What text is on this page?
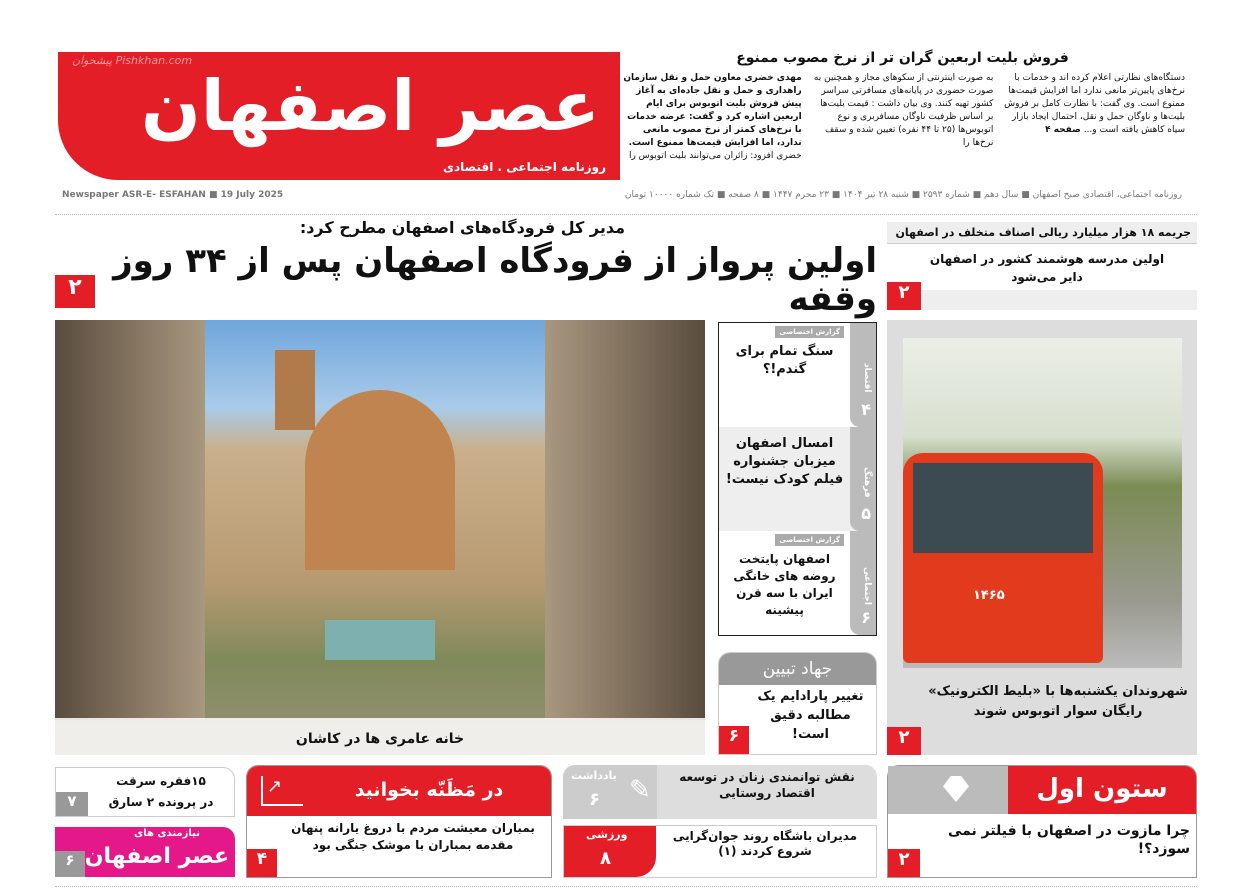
عصر اصفهان
روزنامه اجتماعی . اقتصادی
پیشخوان Pishkhan.com	فروش بلیت اربعین گران تر از نرخ مصوب ممنوع
مهدی خضری معاون حمل و نقل سازمان راهداری و حمل و نقل جاده‌ای به آغاز پیش فروش بلیت اتوبوس برای ایام اربعین اشاره کرد و گفت: عرضه خدمات با نرخ‌های کمتر از نرخ مصوب مانعی ندارد، اما افزایش قیمت‌ها ممنوع است. خضری افزود: زائران می‌توانند بلیت اتوبوس را
به صورت اینترنتی از سکوهای مجاز و همچنین به صورت حضوری در پایانه‌های مسافرتی سراسر کشور تهیه کنند. وی بیان داشت : قیمت بلیت‌ها بر اساس ظرفیت ناوگان مسافربری و نوع اتوبوس‌ها (۲۵ تا ۴۴ نفره) تعیین شده و سقف نرخ‌ها را
دستگاه‌های نظارتی اعلام کرده اند و خدمات با نرخ‌های پایین‌تر مانعی ندارد اما افزایش قیمت‌ها ممنوع است. وی گفت: با نظارت کامل بر فروش بلیت‌ها و ناوگان حمل و نقل، احتمال ایجاد بازار سیاه کاهش یافته است و... صفحه ۴
روزنامه اجتماعی، اقتصادی صبح اصفهان ■ سال دهم ■ شماره ۲۵۹۳ ■ شنبه ۲۸ تیر ۱۴۰۴ ■ ۲۳ محرم ۱۴۴۷ ■ ۸ صفحه ■ تک شماره ۱۰۰۰۰ تومان
Newspaper ASR-E- ESFAHAN ■ 19 July 2025
جریمه ۱۸ هزار میلیارد ریالی اصناف متخلف در اصفهان
اولین مدرسه هوشمند کشور در اصفهان دایر می‌شود
۲
مدیر کل فرودگاه‌های اصفهان مطرح کرد:
اولین پرواز از فرودگاه اصفهان پس از ۳۴ روز وقفه
۲
خانه عامری ها در کاشان
گزارش اختصاصی
اقتصاد
۴
سنگ تمام برای گندم!؟
فرهنگ
۵
امسال اصفهان میزبان جشنواره فیلم کودک نیست!
گزارش اختصاصی
اجتماعی
۶
اصفهان پایتخت روضه های خانگی ایران با سه قرن پیشینه
جهاد تبیین
تغییر پارادایم یک مطالبه دقیق است!
۶
۱۴۶۵
شهروندان یکشنبه‌ها با «بلیط الکترونیک»
رایگان سوار اتوبوس شوند
۲
ستون اول
چرا مازوت در اصفهان با فیلتر نمی سوزد؟!
۲
نقش توانمندی زنان در توسعه اقتصاد روستایی
✎
یادداشت
۶
ورزشی
۸
مدیران باشگاه روند جوان‌گرایی شروع کردند (۱)
↗	در مَظَنّه بخوانید
بمباران معیشت مردم با دروغ یارانه پنهان مقدمه بمباران با موشک جنگی بود
۴
۱۵فقره سرقت
در پرونده ۲ سارق
۷
نیازمندی های
عصر اصفهان
۶
